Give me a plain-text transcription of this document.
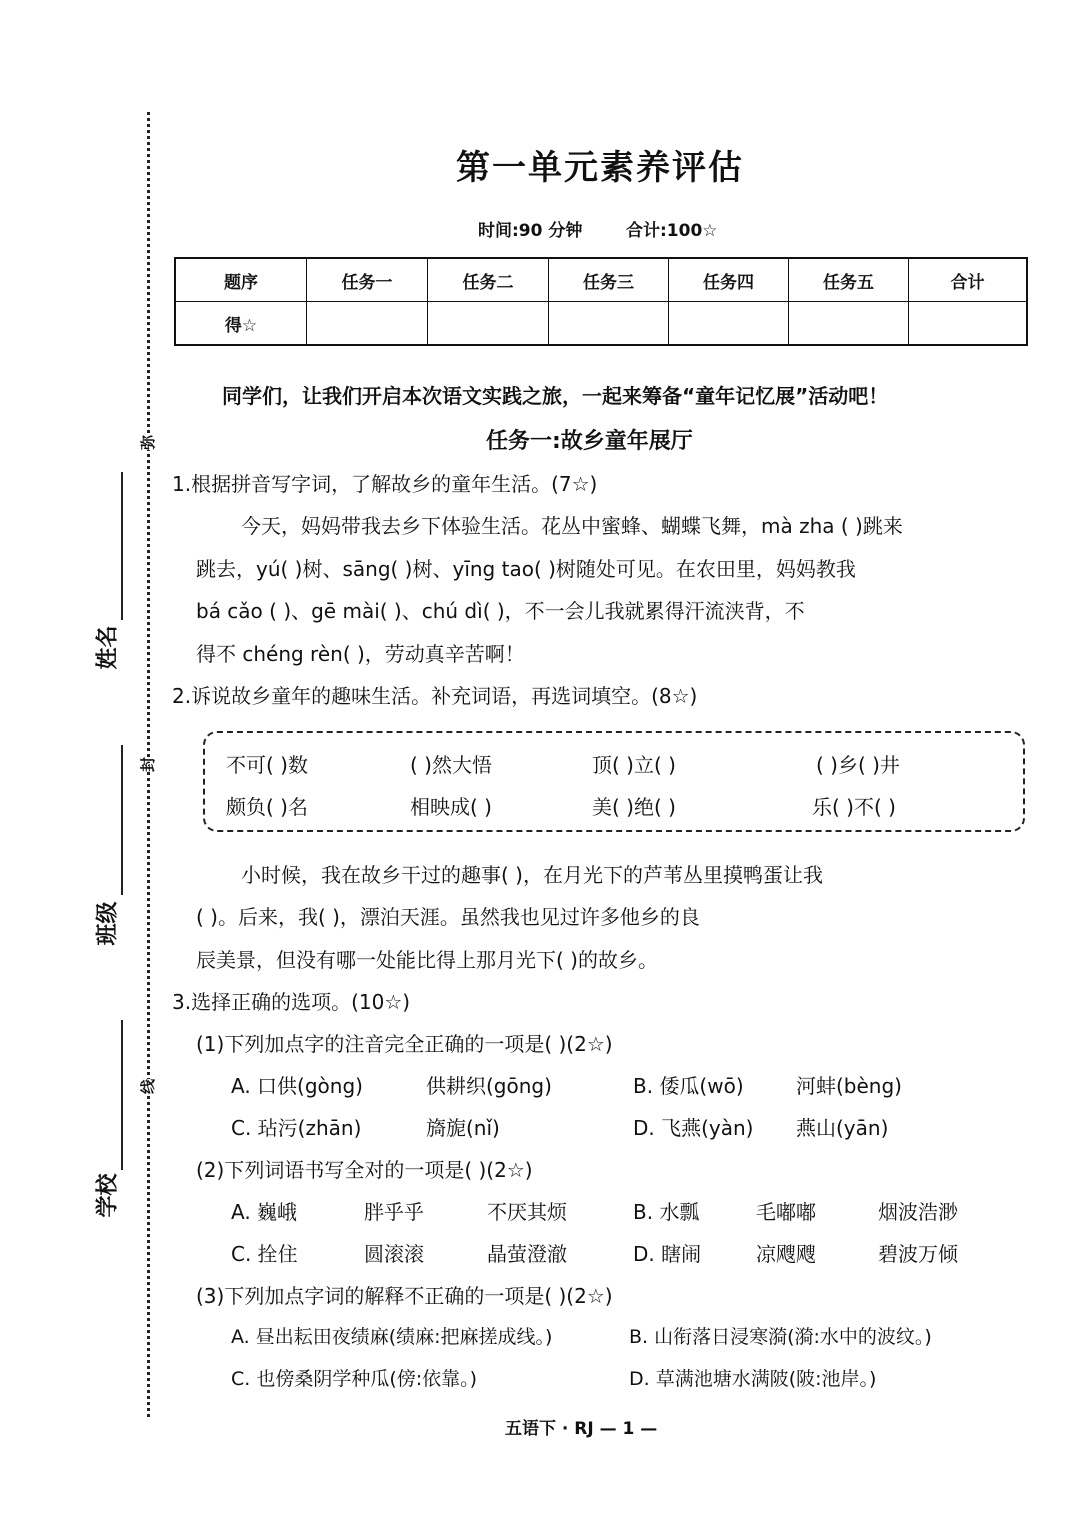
弥
封
线
姓名
班级
学校
第一单元素养评估
时间:90 分钟	合计:100☆
题序	任务一	任务二	任务三	任务四	任务五	合计
得☆						
同学们，让我们开启本次语文实践之旅，一起来筹备“童年记忆展”活动吧！
任务一:故乡童年展厅
1.根据拼音写字词，了解故乡的童年生活。(7☆)
今天，妈妈带我去乡下体验生活。花丛中蜜蜂、蝴蝶飞舞，mà zha ( )跳来
跳去，yú( )树、sāng( )树、yīng tao( )树随处可见。在农田里，妈妈教我
bá cǎo ( )、gē mài( )、chú dì( )，不一会儿我就累得汗流浃背，不
得不 chéng rèn( )，劳动真辛苦啊！
2.诉说故乡童年的趣味生活。补充词语，再选词填空。(8☆)
不可( )数	( )然大悟	顶( )立( )	( )乡( )井
颇负( )名	相映成( )	美( )绝( )	乐( )不( )
小时候，我在故乡干过的趣事( )，在月光下的芦苇丛里摸鸭蛋让我
( )。后来，我( )，漂泊天涯。虽然我也见过许多他乡的良
辰美景，但没有哪一处能比得上那月光下( )的故乡。
3.选择正确的选项。(10☆)
(1)下列加点字的注音完全正确的一项是( )(2☆)
A. 口供(gòng)	供耕织(gōng)	B. 倭瓜(wō)	河蚌(bèng)
C. 玷污(zhān)	旖旎(nǐ)	D. 飞燕(yàn) 燕山(yān)
(2)下列词语书写全对的一项是( )(2☆)
A. 巍峨	胖乎乎	不厌其烦	B. 水瓢	毛嘟嘟	烟波浩渺
C. 拴住	圆滚滚	晶萤澄澈	D. 瞎闹	凉飕飕	碧波万倾
(3)下列加点字词的解释不正确的一项是( )(2☆)
A. 昼出耘田夜绩麻(绩麻:把麻搓成线。)	B. 山衔落日浸寒漪(漪:水中的波纹。)
C. 也傍桑阴学种瓜(傍:依靠。)	D. 草满池塘水满陂(陂:池岸。)
五语下 · RJ — 1 —
